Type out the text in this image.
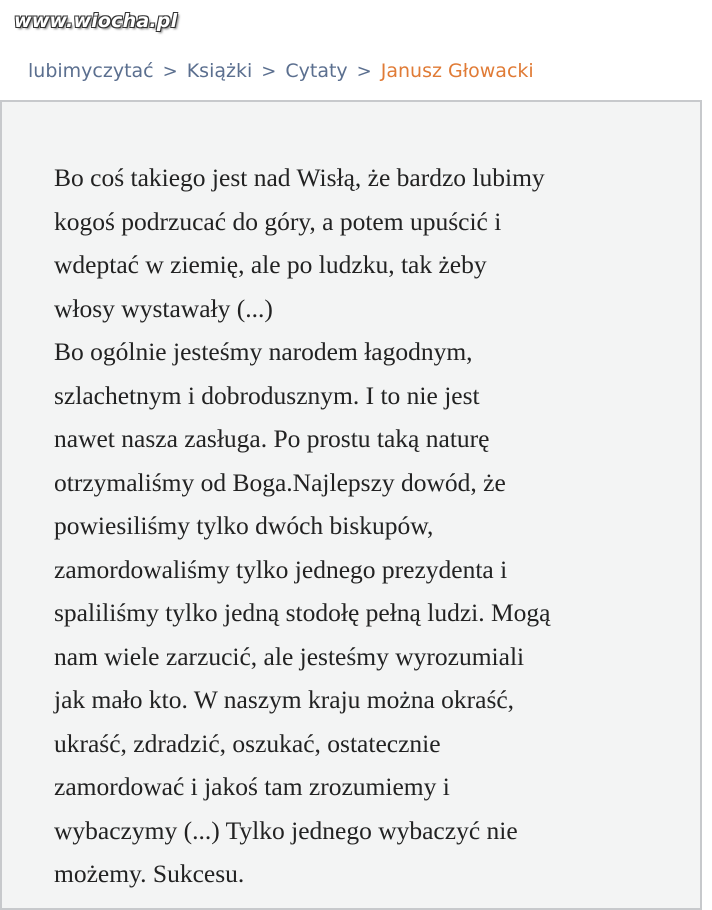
www.wiocha.pl
lubimyczytać > Książki > Cytaty > Janusz Głowacki

Bo coś takiego jest nad Wisłą, że bardzo lubimy
kogoś podrzucać do góry, a potem upuścić i
wdeptać w ziemię, ale po ludzku, tak żeby
włosy wystawały (...)
Bo ogólnie jesteśmy narodem łagodnym,
szlachetnym i dobrodusznym. I to nie jest
nawet nasza zasługa. Po prostu taką naturę
otrzymaliśmy od Boga.Najlepszy dowód, że
powiesiliśmy tylko dwóch biskupów,
zamordowaliśmy tylko jednego prezydenta i
spaliliśmy tylko jedną stodołę pełną ludzi. Mogą
nam wiele zarzucić, ale jesteśmy wyrozumiali
jak mało kto. W naszym kraju można okraść,
ukraść, zdradzić, oszukać, ostatecznie
zamordować i jakoś tam zrozumiemy i
wybaczymy (...) Tylko jednego wybaczyć nie
możemy. Sukcesu.
